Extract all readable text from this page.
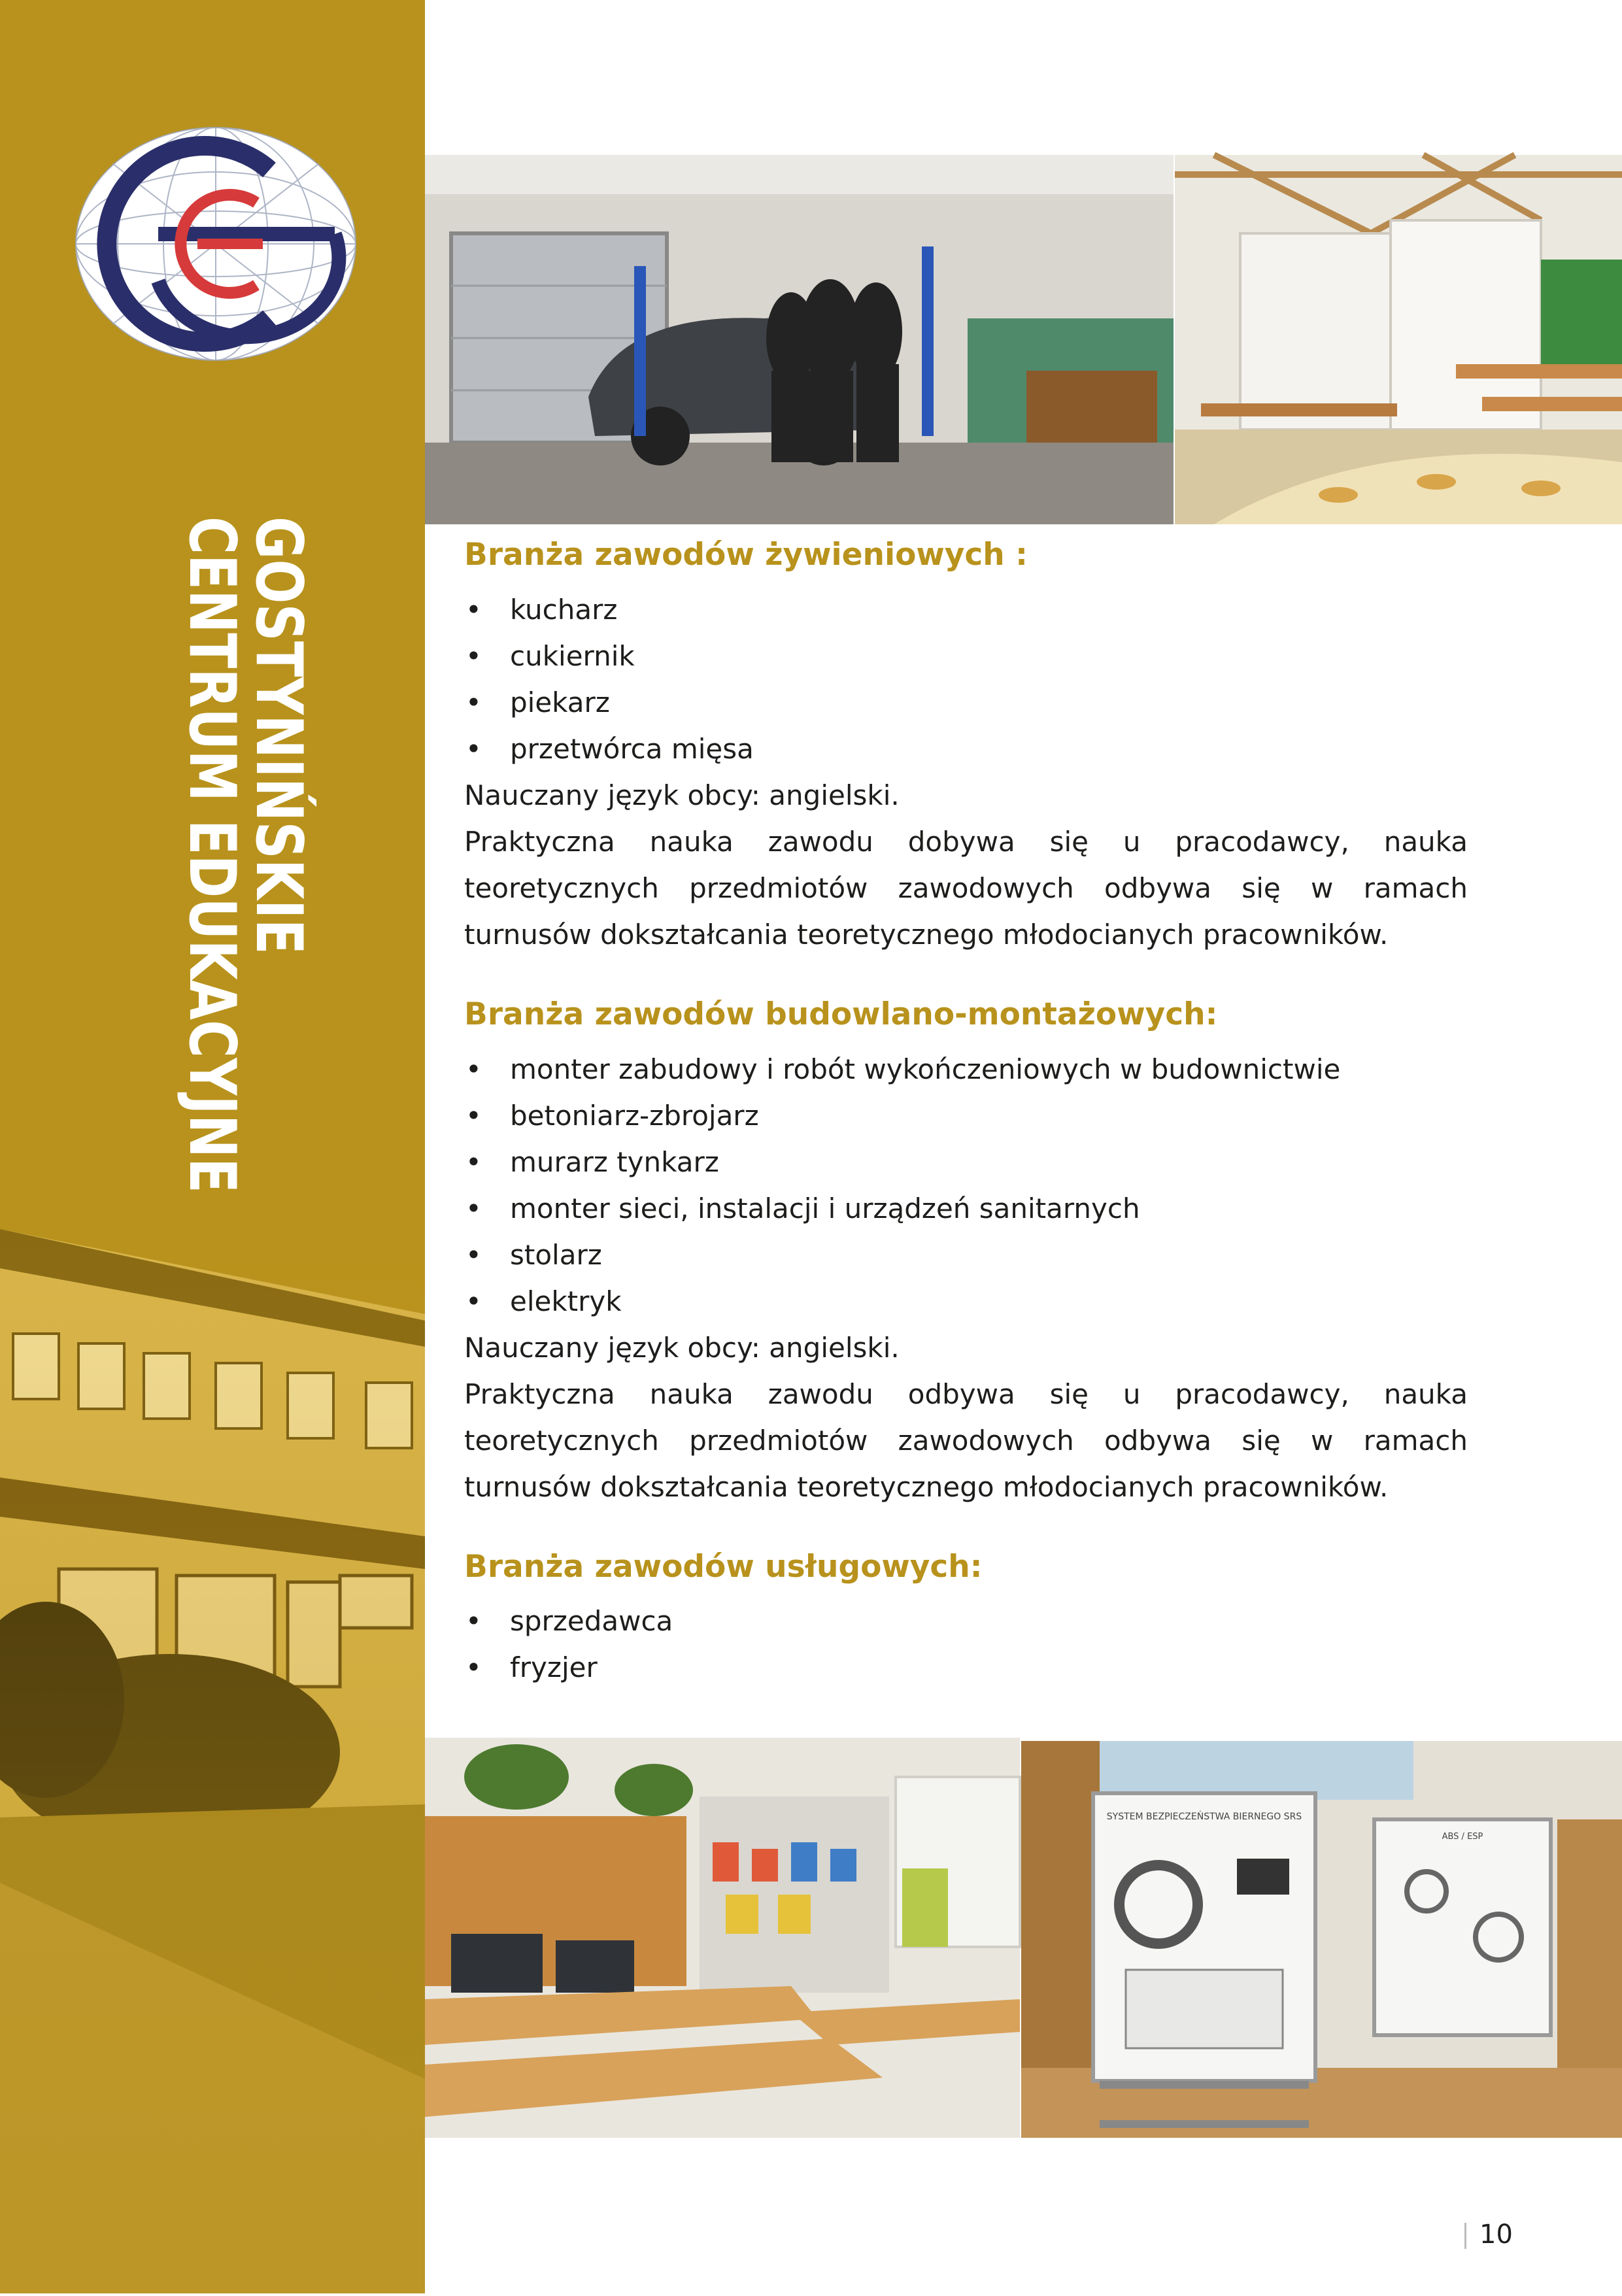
GOSTYNIŃSKIE
CENTRUM EDUKACYJNE	Branża zawodów żywieniowych :
• kucharz
• cukiernik
• piekarz
• przetwórca mięsa

Nauczany język obcy: angielski.

Praktyczna nauka zawodu dobywa się u pracodawcy, nauka teoretycznych przedmiotów zawodowych odbywa się w ramach turnusów dokształcania teoretycznego młodocianych pracowników.

Branża zawodów budowlano-montażowych:
• monter zabudowy i robót wykończeniowych w budownictwie
• betoniarz-zbrojarz
• murarz tynkarz
• monter sieci, instalacji i urządzeń sanitarnych
• stolarz
• elektryk

Nauczany język obcy: angielski.

Praktyczna nauka zawodu odbywa się u pracodawcy, nauka teoretycznych przedmiotów zawodowych odbywa się w ramach turnusów dokształcania teoretycznego młodocianych pracowników.

Branża zawodów usługowych:
• sprzedawca
• fryzjer
SYSTEM BEZPIECZEŃSTWA BIERNEGO SRS
ABS / ESP
10
